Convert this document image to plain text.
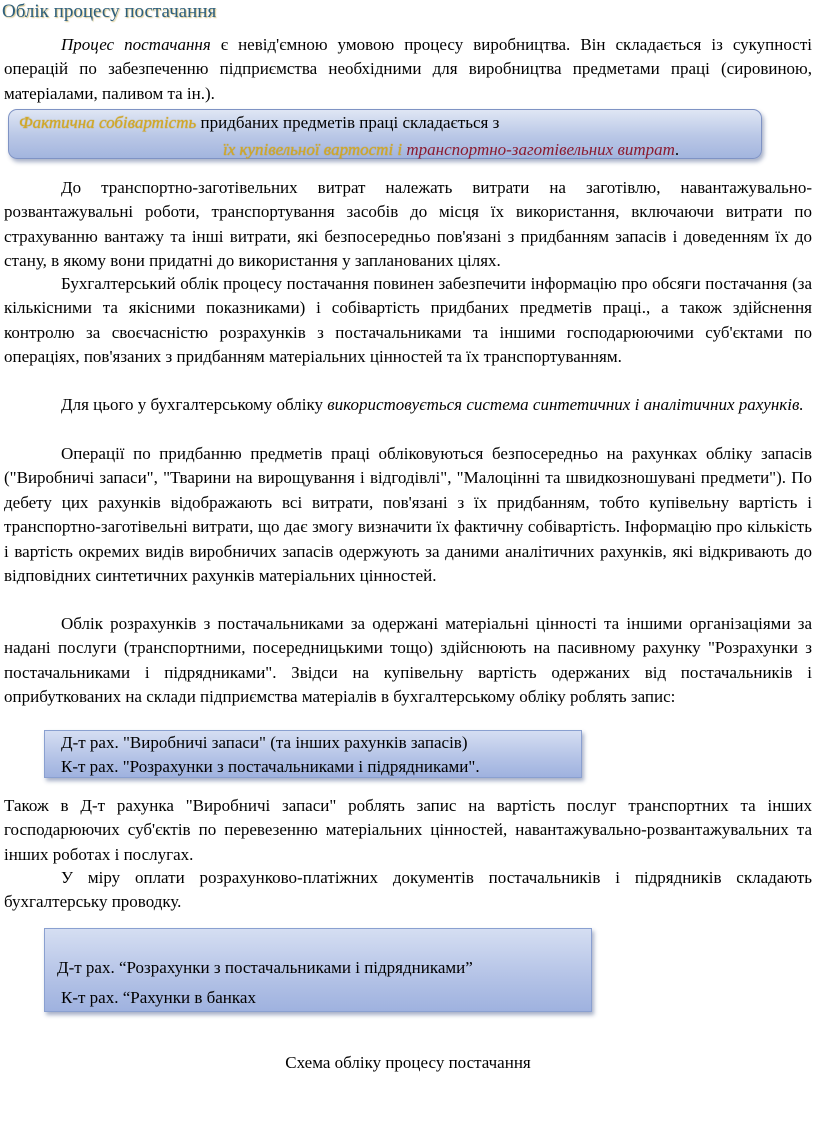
Облік процесу постачання

Процес постачання є невід'ємною умовою процесу виробництва. Він складається із сукупності операцій по забезпеченню підприємства необхідними для виробництва предметами праці (сировиною, матеріалами, паливом та ін.).

Фактична собівартість придбаних предметів праці складається з
їх купівельної вартості і транспортно-заготівельних витрат.

До транспортно-заготівельних витрат належать витрати на заготівлю, навантажувально-розвантажувальні роботи, транспортування засобів до місця їх використання, включаючи витрати по страхуванню вантажу та інші витрати, які безпосередньо пов'язані з придбанням запасів і доведенням їх до стану, в якому вони придатні до використання у запланованих цілях.

Бухгалтерський облік процесу постачання повинен забезпечити інформацію про обсяги постачання (за кількісними та якісними показниками) і собівартість придбаних предметів праці., а також здійснення контролю за своєчасністю розрахунків з постачальниками та іншими господарюючими суб'єктами по операціях, пов'язаних з придбанням матеріальних цінностей та їх транспортуванням.

Для цього у бухгалтерському обліку використовується система синтетичних і аналітичних рахунків.

Операції по придбанню предметів праці обліковуються безпосередньо на рахунках обліку запасів ("Виробничі запаси", "Тварини на вирощування і відгодівлі", "Малоцінні та швидкозношувані предмети"). По дебету цих рахунків відображають всі витрати, пов'язані з їх придбанням, тобто купівельну вартість і транспортно-заготівельні витрати, що дає змогу визначити їх фактичну собівартість. Інформацію про кількість і вартість окремих видів виробничих запасів одержують за даними аналітичних рахунків, які відкривають до відповідних синтетичних рахунків матеріальних цінностей.

Облік розрахунків з постачальниками за одержані матеріальні цінності та іншими організаціями за надані послуги (транспортними, посередницькими тощо) здійснюють на пасивному рахунку "Розрахунки з постачальниками і підрядниками". Звідси на купівельну вартість одержаних від постачальників і оприбуткованих на склади підприємства матеріалів в бухгалтерському обліку роблять запис:

Д-т рах. "Виробничі запаси" (та інших рахунків запасів)
К-т рах. "Розрахунки з постачальниками і підрядниками".

Також в Д-т рахунка "Виробничі запаси" роблять запис на вартість послуг транспортних та інших господарюючих суб'єктів по перевезенню матеріальних цінностей, навантажувально-розвантажувальних та інших роботах і послугах.

У міру оплати розрахунково-платіжних документів постачальників і підрядників складають бухгалтерську проводку.

Д-т рах. “Розрахунки з постачальниками і підрядниками”
К-т рах. “Рахунки в банках
Схема обліку процесу постачання
